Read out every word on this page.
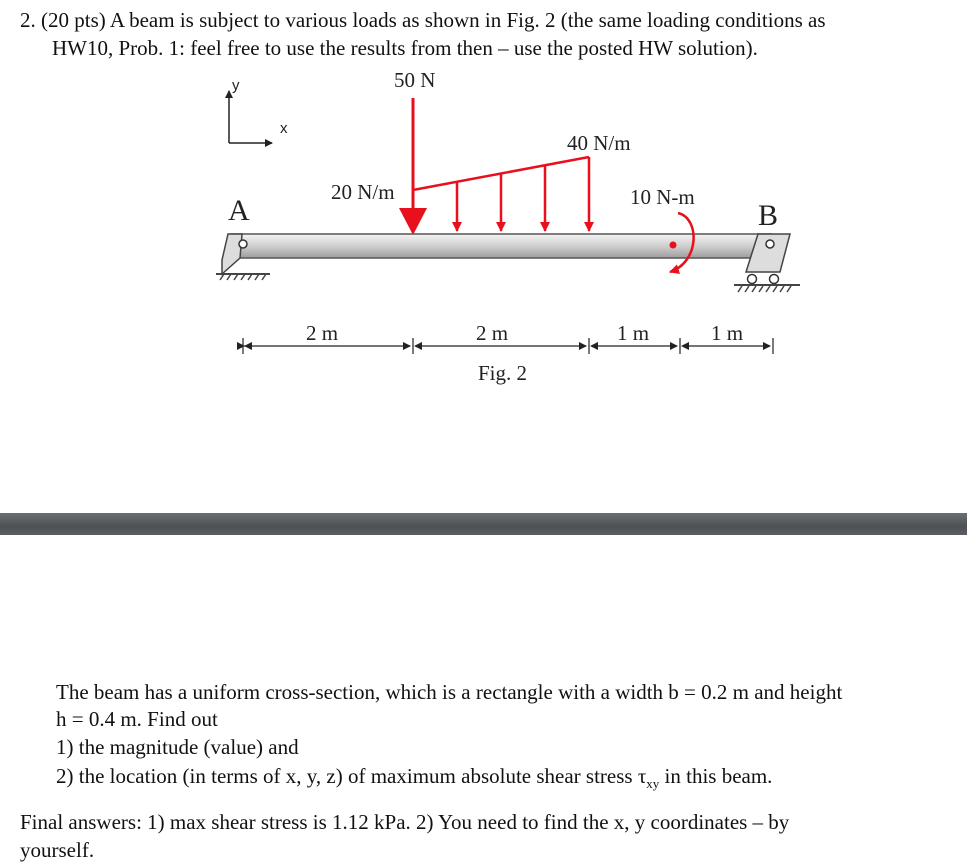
2. (20 pts) A beam is subject to various loads as shown in Fig. 2 (the same loading conditions as
HW10, Prob. 1: feel free to use the results from then – use the posted HW solution).
y
x
50 N
20 N/m
40 N/m
10 N-m
A	B
2 m	2 m	1 m	1 m
Fig. 2
The beam has a uniform cross-section, which is a rectangle with a width b = 0.2 m and height
h = 0.4 m. Find out
1) the magnitude (value) and
2) the location (in terms of x, y, z) of maximum absolute shear stress $\tau_{xy}$ in this beam.
Final answers: 1) max shear stress is 1.12 kPa. 2) You need to find the x, y coordinates – by
yourself.
